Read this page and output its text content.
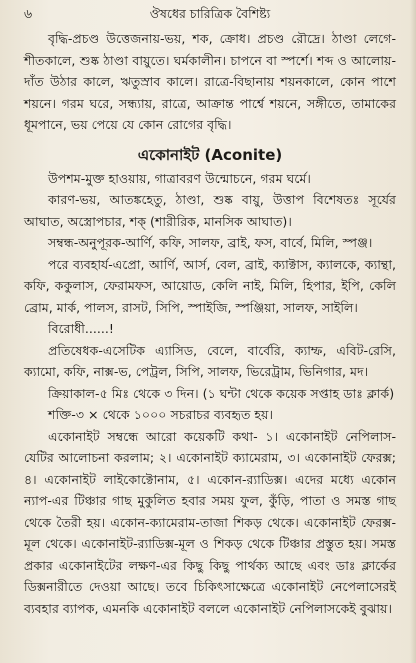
৬	ঔষধের চারিত্রিক বৈশিষ্ট্য

বৃদ্ধি-প্রচণ্ড উত্তেজনায়-ভয়, শক, ক্রোধ। প্রচণ্ড রৌদ্রে। ঠাণ্ডা লেগে-শীতকালে, শুষ্ক ঠাণ্ডা বায়ুতে। ঘর্মকালীন। চাপনে বা স্পর্শে। শব্দ ও আলোয়-দাঁত উঠার কালে, ঋতুস্রাব কালে। রাত্রে-বিছানায় শয়নকালে, কোন পাশে শয়নে। গরম ঘরে, সন্ধ্যায়, রাত্রে, আক্রান্ত পার্শ্বে শয়নে, সঙ্গীতে, তামাকের ধূমপানে, ভয় পেয়ে যে কোন রোগের বৃদ্ধি।

একোনাইট (Aconite)

উপশম-মুক্ত হাওয়ায়, গাত্রাবরণ উন্মোচনে, গরম ঘর্মে।

কারণ-ভয়, আতঙ্কহেতু, ঠাণ্ডা, শুষ্ক বায়ু, উত্তাপ বিশেষতঃ সূর্যের আঘাত, অস্ত্রোপচার, শক্ (শারীরিক, মানসিক আঘাত)।

সম্বন্ধ-অনুপূরক-আর্ণি, কফি, সালফ, ব্রাই, ফস, বার্বে, মিলি, স্পঞ্জ।

পরে ব্যবহার্য-এপ্রো, আর্ণি, আর্স, বেল, ব্রাই, ক্যাক্টাস, ক্যালকে, ক্যান্থা, কফি, ককুলাস, ফেরামফস, আয়োড, কেলি নাই, মিলি, হিপার, ইপি, কেলি ব্রোম, মার্ক, পালস, রাসট, সিপি, স্পাইজি, স্পঞ্জিয়া, সালফ, সাইলি।

বিরোধী......!

প্রতিষেধক-এসেটিক এ্যাসিড, বেলে, বার্বেরি, ক্যাম্ফ, এবিট-রেসি, ক্যামো, কফি, নাক্স-ভ, পেট্রল, সিপি, সালফ, ভিরেট্রাম, ভিনিগার, মদ।

ক্রিয়াকাল-৫ মিঃ থেকে ৩ দিন। (১ ঘন্টা থেকে কয়েক সপ্তাহ ডাঃ ক্লার্ক)

শক্তি-৩ × থেকে ১০০০ সচরাচর ব্যবহৃত হয়।

একোনাইট সম্বন্ধে আরো কয়েকটি কথা- ১। একোনাইট নেপিলাস-যেটির আলোচনা করলাম; ২। একোনাইট ক্যামেরাম, ৩। একোনাইট ফেরক্স; ৪। একোনাইট লাইকোক্টোনাম, ৫। একোন-র‍্যাডিক্স। এদের মধ্যে একোন ন্যাপ-এর টিঞ্চার গাছ মুকুলিত হবার সময় ফুল, কুঁড়ি, পাতা ও সমস্ত গাছ থেকে তৈরী হয়। একোন-ক্যামেরাম-তাজা শিকড় থেকে। একোনাইট ফেরক্স-মূল থেকে। একোনাইট-র‍্যাডিক্স-মূল ও শিকড় থেকে টিঞ্চার প্রস্তুত হয়। সমস্ত প্রকার একোনাইটের লক্ষণ-এর কিছু কিছু পার্থক্য আছে এবং ডাঃ ক্লার্কের ডিক্সনারীতে দেওয়া আছে। তবে চিকিৎসাক্ষেত্রে একোনাইট নেপেলাসেরই ব্যবহার ব্যাপক, এমনকি একোনাইট বললে একোনাইট নেপিলাসকেই বুঝায়।
